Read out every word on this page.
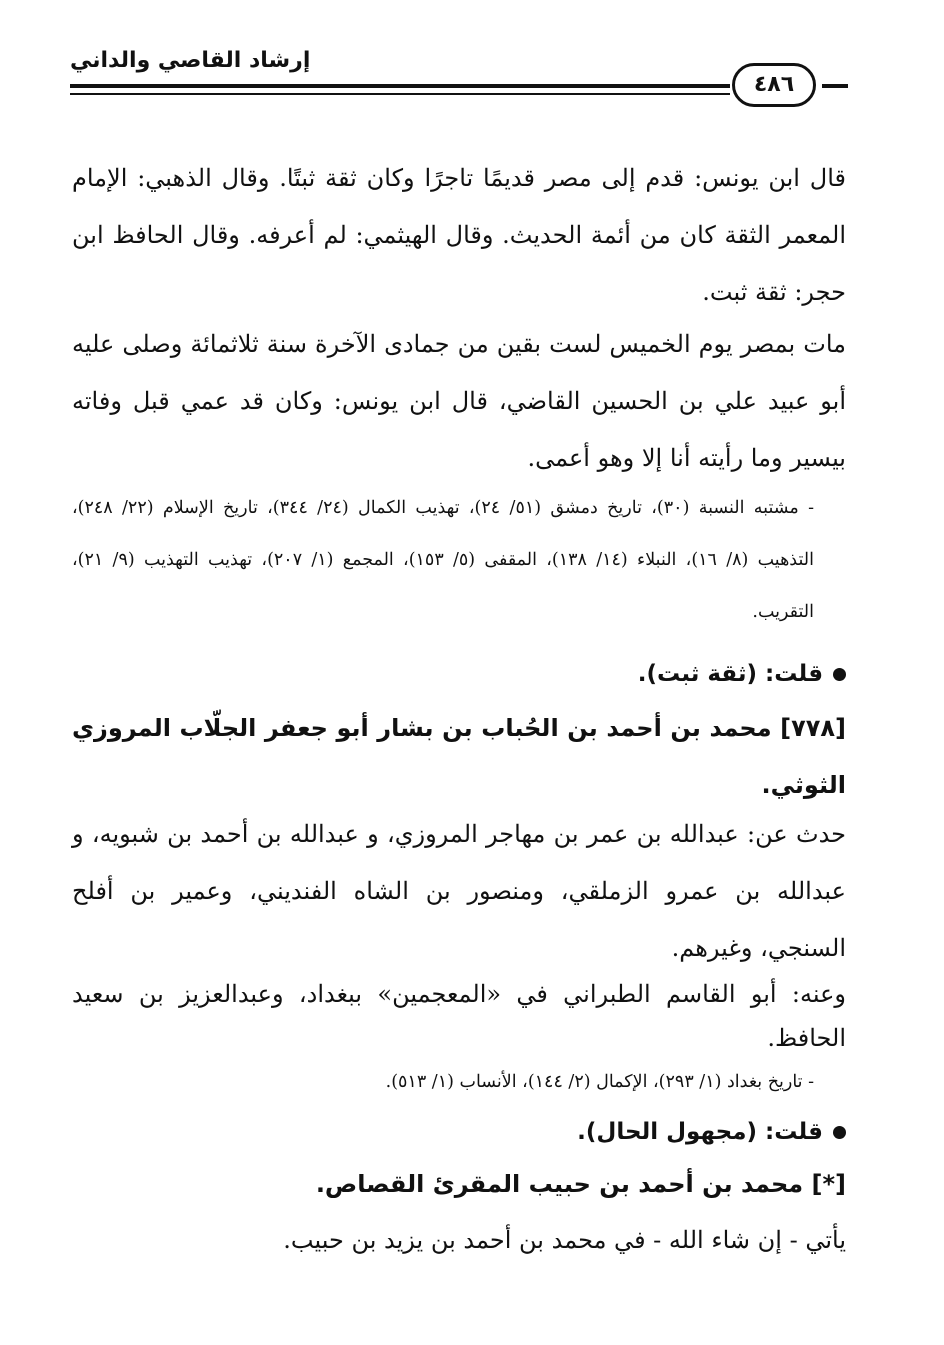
إرشاد القاصي والداني
٤٨٦

قال ابن يونس: قدم إلى مصر قديمًا تاجرًا وكان ثقة ثبتًا. وقال الذهبي: الإمام المعمر الثقة كان من أئمة الحديث. وقال الهيثمي: لم أعرفه. وقال الحافظ ابن حجر: ثقة ثبت.

مات بمصر يوم الخميس لست بقين من جمادى الآخرة سنة ثلاثمائة وصلى عليه أبو عبيد علي بن الحسين القاضي، قال ابن يونس: وكان قد عمي قبل وفاته بيسير وما رأيته أنا إلا وهو أعمى.

- مشتبه النسبة (٣٠)، تاريخ دمشق (٥١/ ٢٤)، تهذيب الكمال (٢٤/ ٣٤٤)، تاريخ الإسلام (٢٢/ ٢٤٨)، التذهيب (٨/ ١٦)، النبلاء (١٤/ ١٣٨)، المقفى (٥/ ١٥٣)، المجمع (١/ ٢٠٧)، تهذيب التهذيب (٩/ ٢١)، التقريب.

قلت: (ثقة ثبت).

[٧٧٨] محمد بن أحمد بن الحُباب بن بشار أبو جعفر الجلّاب المروزي الثوثي.

حدث عن: عبدالله بن عمر بن مهاجر المروزي، و عبدالله بن أحمد بن شبويه، و عبدالله بن عمرو الزملقي، ومنصور بن الشاه الفنديني، وعمير بن أفلح السنجي، وغيرهم.

وعنه: أبو القاسم الطبراني في «المعجمين» ببغداد، وعبدالعزيز بن سعيد الحافظ.

- تاريخ بغداد (١/ ٢٩٣)، الإكمال (٢/ ١٤٤)، الأنساب (١/ ٥١٣).

قلت: (مجهول الحال).

[*] محمد بن أحمد بن حبيب المقرئ القصاص.

يأتي - إن شاء الله - في محمد بن أحمد بن يزيد بن حبيب.
